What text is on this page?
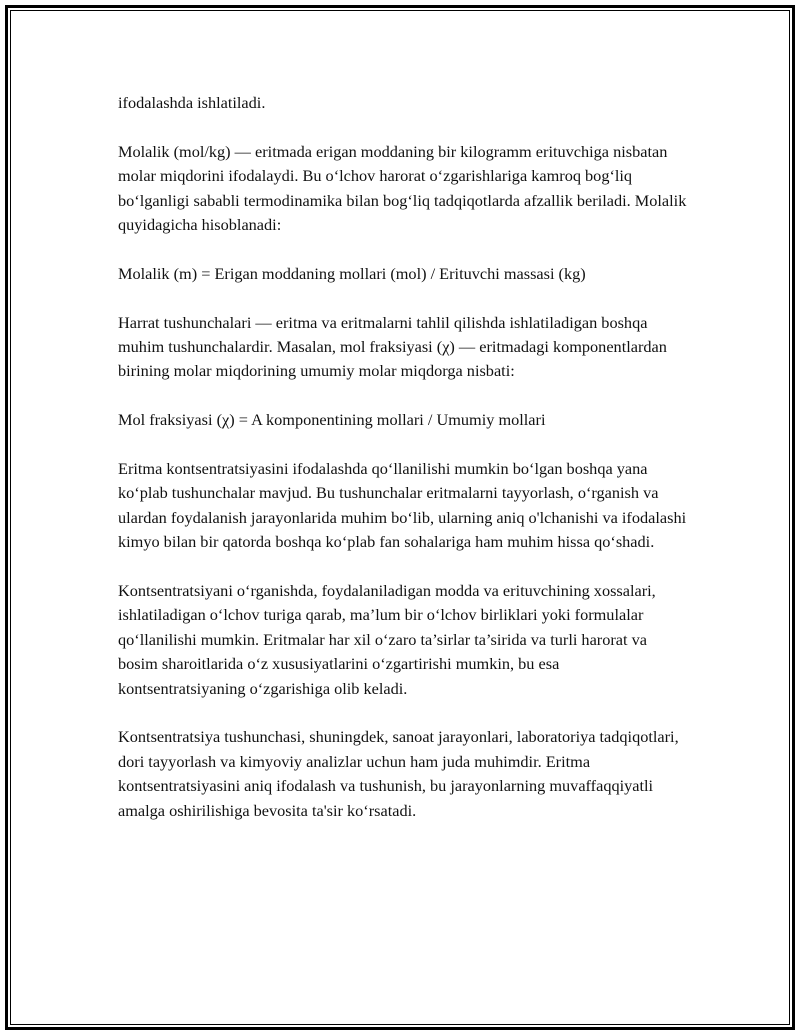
ifodalashda ishlatiladi.

Molalik (mol/kg) — eritmada erigan moddaning bir kilogramm erituvchiga nisbatan molar miqdorini ifodalaydi. Bu o‘lchov harorat o‘zgarishlariga kamroq bog‘liq bo‘lganligi sababli termodinamika bilan bog‘liq tadqiqotlarda afzallik beriladi. Molalik quyidagicha hisoblanadi:

Molalik (m) = Erigan moddaning mollari (mol) / Erituvchi massasi (kg)

Harrat tushunchalari — eritma va eritmalarni tahlil qilishda ishlatiladigan boshqa muhim tushunchalardir. Masalan, mol fraksiyasi (χ) — eritmadagi komponentlardan birining molar miqdorining umumiy molar miqdorga nisbati:

Mol fraksiyasi (χ) = A komponentining mollari / Umumiy mollari

Eritma kontsentratsiyasini ifodalashda qo‘llanilishi mumkin bo‘lgan boshqa yana ko‘plab tushunchalar mavjud. Bu tushunchalar eritmalarni tayyorlash, o‘rganish va ulardan foydalanish jarayonlarida muhim bo‘lib, ularning aniq o'lchanishi va ifodalashi kimyo bilan bir qatorda boshqa ko‘plab fan sohalariga ham muhim hissa qo‘shadi.

Kontsentratsiyani o‘rganishda, foydalaniladigan modda va erituvchining xossalari, ishlatiladigan o‘lchov turiga qarab, ma’lum bir o‘lchov birliklari yoki formulalar qo‘llanilishi mumkin. Eritmalar har xil o‘zaro ta’sirlar ta’sirida va turli harorat va bosim sharoitlarida o‘z xususiyatlarini o‘zgartirishi mumkin, bu esa kontsentratsiyaning o‘zgarishiga olib keladi.

Kontsentratsiya tushunchasi, shuningdek, sanoat jarayonlari, laboratoriya tadqiqotlari, dori tayyorlash va kimyoviy analizlar uchun ham juda muhimdir. Eritma kontsentratsiyasini aniq ifodalash va tushunish, bu jarayonlarning muvaffaqqiyatli amalga oshirilishiga bevosita ta'sir ko‘rsatadi.
